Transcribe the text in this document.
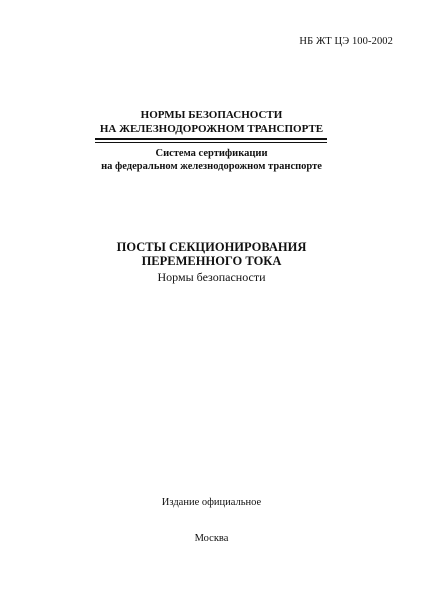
НБ ЖТ ЦЭ 100-2002
НОРМЫ БЕЗОПАСНОСТИ
НА ЖЕЛЕЗНОДОРОЖНОМ ТРАНСПОРТЕ
Система сертификации
на федеральном железнодорожном транспорте
ПОСТЫ СЕКЦИОНИРОВАНИЯ
ПЕРЕМЕННОГО ТОКА
Нормы безопасности
Издание официальное
Москва
